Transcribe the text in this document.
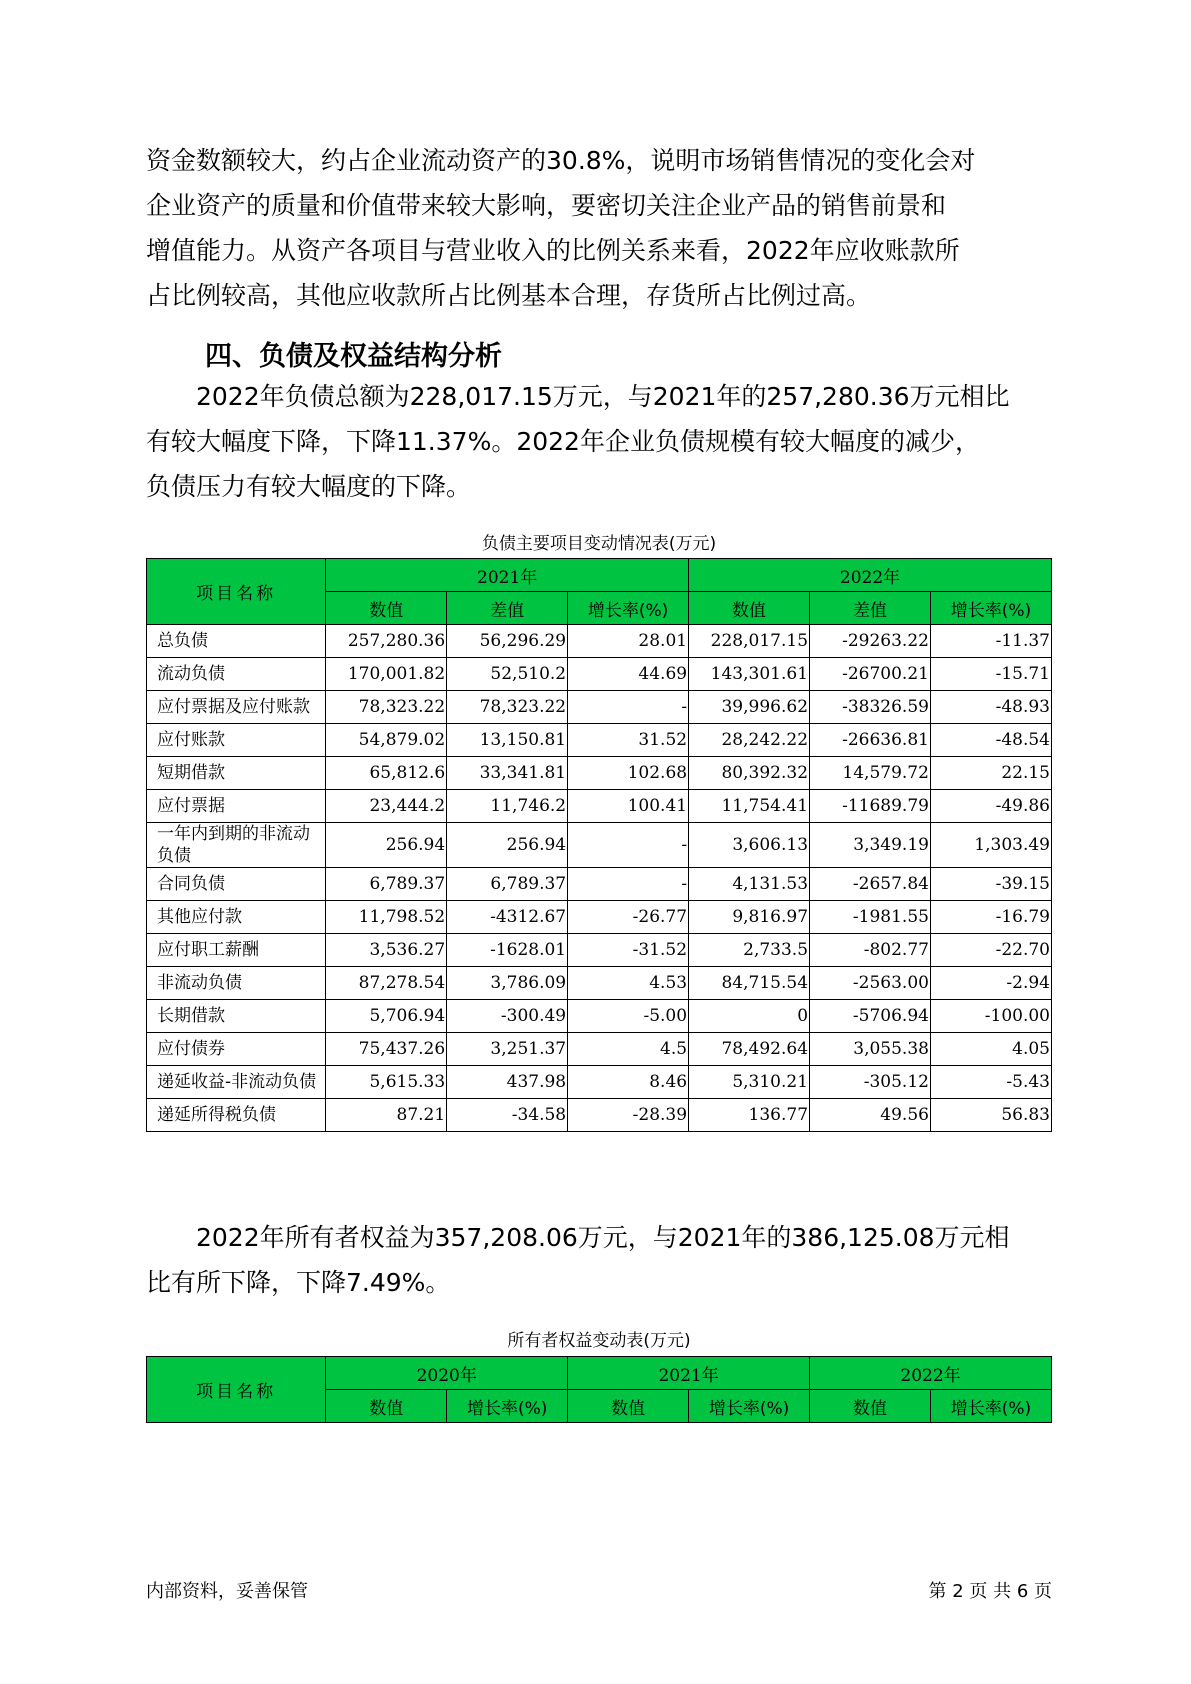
资金数额较大，约占企业流动资产的30.8%，说明市场销售情况的变化会对
企业资产的质量和价值带来较大影响，要密切关注企业产品的销售前景和
增值能力。从资产各项目与营业收入的比例关系来看，2022年应收账款所
占比例较高，其他应收款所占比例基本合理，存货所占比例过高。
四、负债及权益结构分析
2022年负债总额为228,017.15万元，与2021年的257,280.36万元相比
有较大幅度下降，下降11.37%。2022年企业负债规模有较大幅度的减少，
负债压力有较大幅度的下降。
负债主要项目变动情况表(万元)
项目名称	2021年			2022年		
	数值	差值	增长率(%)	数值	差值	增长率(%)
总负债	257,280.36	56,296.29	28.01	228,017.15	-29263.22	-11.37
流动负债	170,001.82	52,510.2	44.69	143,301.61	-26700.21	-15.71
应付票据及应付账款	78,323.22	78,323.22	-	39,996.62	-38326.59	-48.93
应付账款	54,879.02	13,150.81	31.52	28,242.22	-26636.81	-48.54
短期借款	65,812.6	33,341.81	102.68	80,392.32	14,579.72	22.15
应付票据	23,444.2	11,746.2	100.41	11,754.41	-11689.79	-49.86
一年内到期的非流动负债	256.94	256.94	-	3,606.13	3,349.19	1,303.49
合同负债	6,789.37	6,789.37	-	4,131.53	-2657.84	-39.15
其他应付款	11,798.52	-4312.67	-26.77	9,816.97	-1981.55	-16.79
应付职工薪酬	3,536.27	-1628.01	-31.52	2,733.5	-802.77	-22.70
非流动负债	87,278.54	3,786.09	4.53	84,715.54	-2563.00	-2.94
长期借款	5,706.94	-300.49	-5.00	0	-5706.94	-100.00
应付债券	75,437.26	3,251.37	4.5	78,492.64	3,055.38	4.05
递延收益-非流动负债	5,615.33	437.98	8.46	5,310.21	-305.12	-5.43
递延所得税负债	87.21	-34.58	-28.39	136.77	49.56	56.83
2022年所有者权益为357,208.06万元，与2021年的386,125.08万元相
比有所下降，下降7.49%。
所有者权益变动表(万元)
项目名称	2020年		2021年		2022年	
	数值	增长率(%)	数值	增长率(%)	数值	增长率(%)
内部资料，妥善保管	第 2 页 共 6 页
